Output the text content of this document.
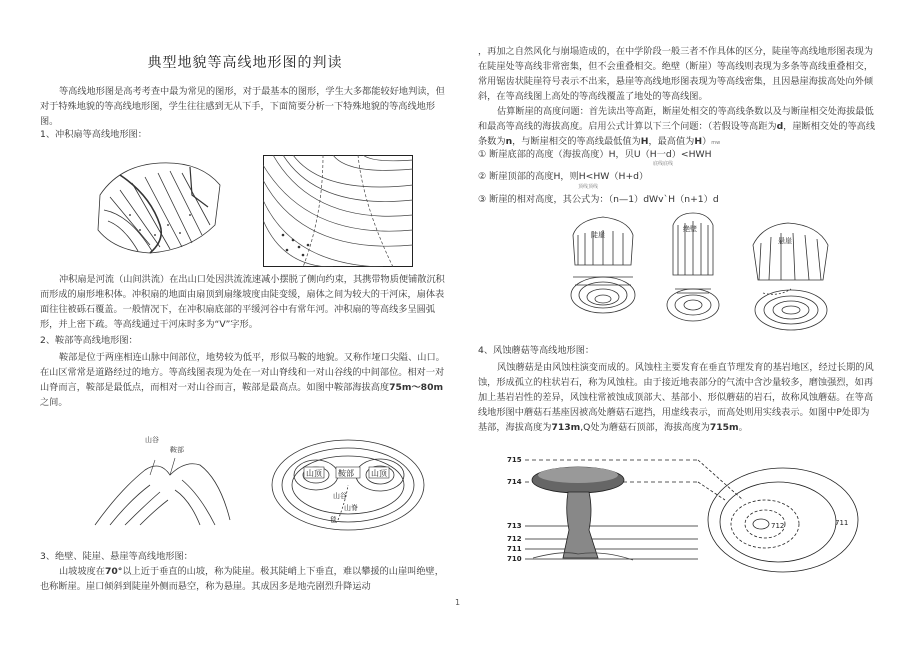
典型地貌等高线地形图的判读

等高线地形图是高考考查中最为常见的图形，对于最基本的图形，学生大多都能较好地判读，但对于特殊地貌的等高线地形图，学生往往感到无从下手，下面简要分析一下特殊地貌的等高线地形图。

1、冲积扇等高线地形图：

冲积扇是河流（山间洪流）在出山口处因洪流流速减小摆脱了侧向约束，其携带物质便铺散沉积而形成的扇形堆积体。冲积扇的地面由扇顶到扇缘坡度由陡变缓，扇体之间为较大的干河床，扇体表面往往被砾石覆盖。一般情况下，在冲积扇底部的平缓河谷中有常年河。冲积扇的等高线多呈圆弧形，并上密下疏。等高线通过干河床时多为“V”字形。

2、鞍部等高线地形图：

鞍部是位于两座相连山脉中间部位，地势较为低平，形似马鞍的地貌。又称作垭口尖隘、山口。在山区常常是道路经过的地方。等高线图表现为处在一对山脊线和一对山谷线的中间部位。相对一对山脊而言，鞍部是最低点，而相对一对山谷而言，鞍部是最高点。如图中鞍部海拔高度75m～80m之间。

山谷
鞍部
山顶 鞍部 山顶
山谷
山脊
毯

3、绝壁、陡崖、悬崖等高线地形图：

山坡坡度在70°以上近于垂直的山坡，称为陡崖。极其陡峭上下垂直，难以攀援的山崖叫绝壁，也称断崖。崖口倾斜到陡崖外侧而悬空，称为悬崖。其成因多是地壳剧烈升降运动

，再加之自然风化与崩塌造成的，在中学阶段一般三者不作具体的区分，陡崖等高线地形图表现为在陡崖处等高线非常密集，但不会重叠相交。绝壁（断崖）等高线则表现为多条等高线重叠相交，常用锯齿状陡崖符号表示不出来，悬崖等高线地形图表现为等高线密集，且因悬崖海拔高处向外倾斜，在等高线图上高处的等高线覆盖了地处的等高线图。

估算断崖的高度问题：首先读出等高距，断崖处相交的等高线条数以及与断崖相交处海拔最低和最高等高线的海拔高度。启用公式计算以下三个问题：（若假设等高距为d，崖断相交处的等高线条数为n，与断崖相交的等高线最低值为H，最高值为H）mw

① 断崖底部的高度（海拔高度）H，贝U（H一d）<HWH

底线底线

② 断崖顶部的高度H，则H<HW（H+d）

顶线顶线

③ 断崖的相对高度，其公式为：（n—1）dWv`H（n+1）d

陡崖
绝壁
悬崖

4、风蚀蘑菇等高线地形图：

风蚀蘑菇是由风蚀柱演变而成的。风蚀柱主要发育在垂直节理发育的基岩地区，经过长期的风蚀，形成孤立的柱状岩石，称为风蚀柱。由于接近地表部分的气流中含沙量较多，磨蚀强烈，如再加上基岩岩性的差异，风蚀柱常被蚀成顶部大、基部小、形似蘑菇的岩石，故称风蚀蘑菇。在等高线地形图中蘑菇石基座因被高处蘑菇石遮挡，用虚线表示，而高处则用实线表示。如图中P处即为基部，海拔高度为713m,Q处为蘑菇石顶部，海拔高度为715m。

715
714
713
712
711
710
712	711
1
